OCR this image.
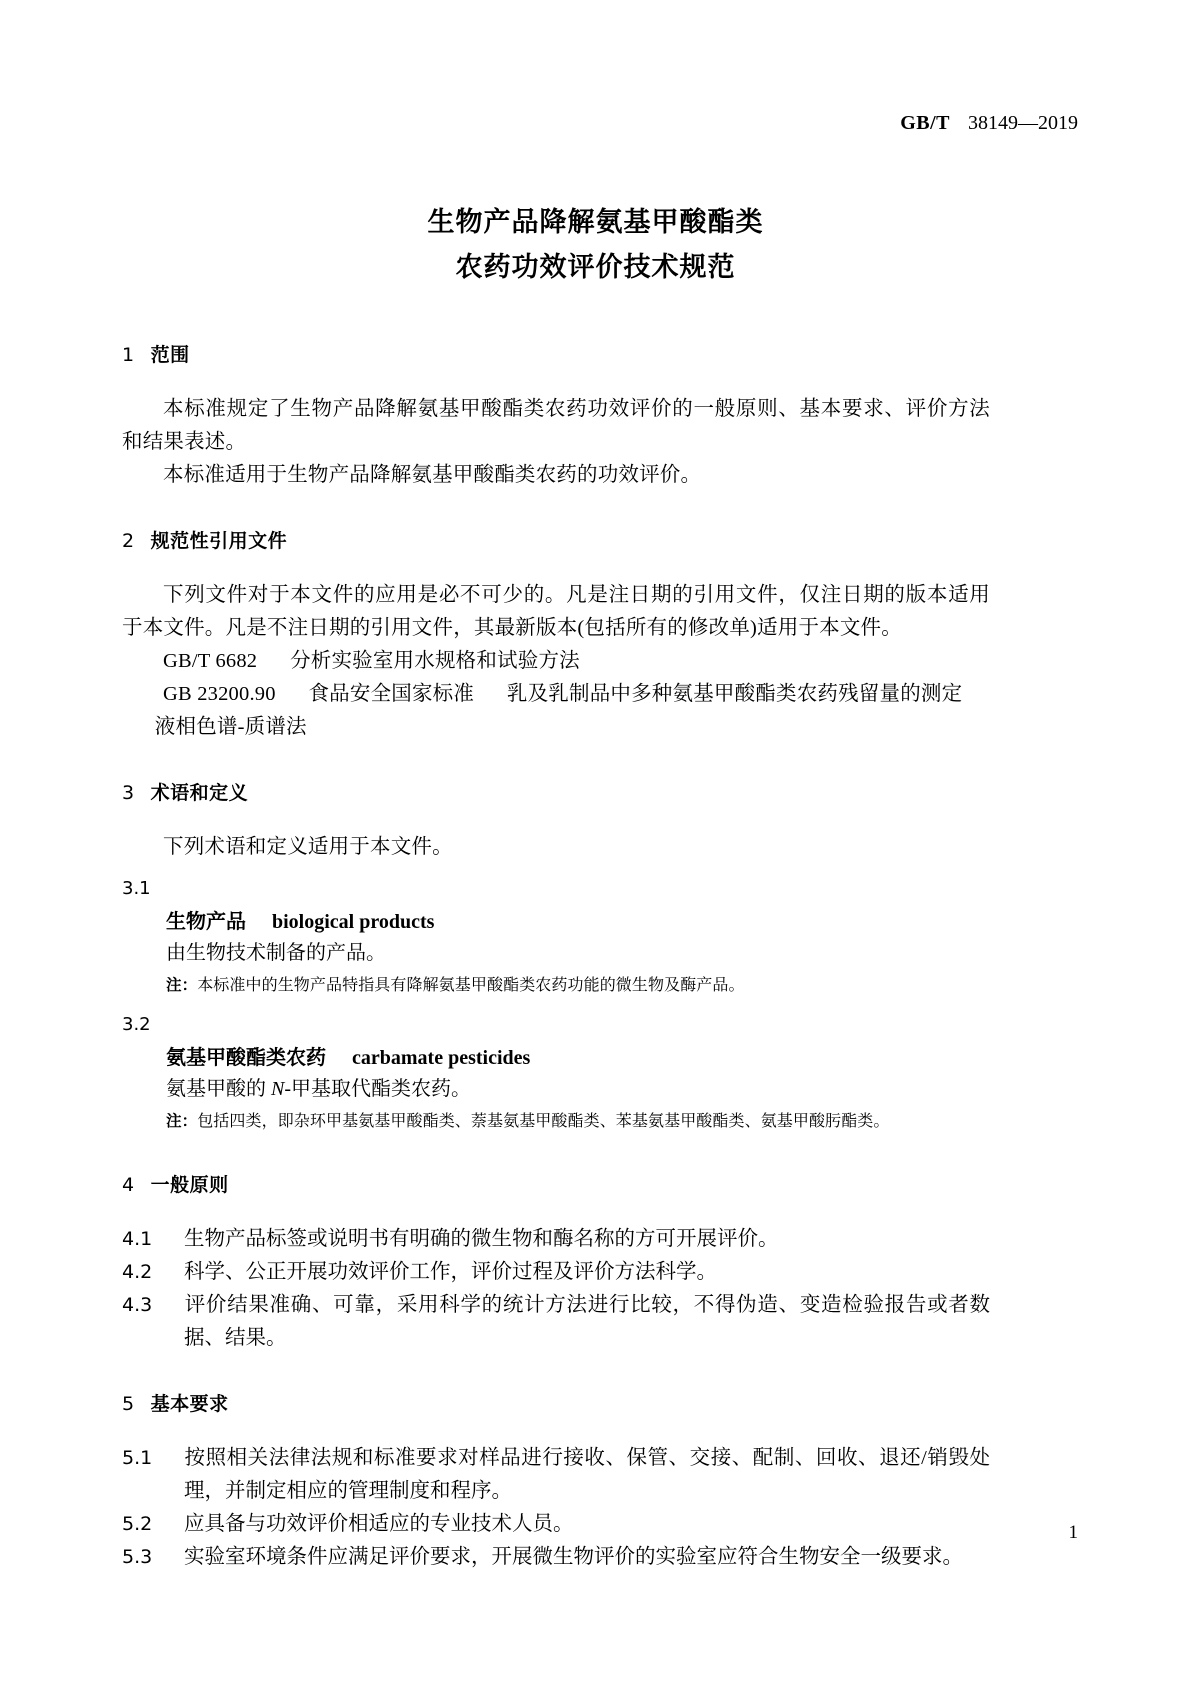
GB/T 38149—2019
生物产品降解氨基甲酸酯类
农药功效评价技术规范
1 范围

本标准规定了生物产品降解氨基甲酸酯类农药功效评价的一般原则、基本要求、评价方法和结果表述。

本标准适用于生物产品降解氨基甲酸酯类农药的功效评价。

2 规范性引用文件

下列文件对于本文件的应用是必不可少的。凡是注日期的引用文件，仅注日期的版本适用于本文件。凡是不注日期的引用文件，其最新版本(包括所有的修改单)适用于本文件。

GB/T 6682 分析实验室用水规格和试验方法

GB 23200.90 食品安全国家标准 乳及乳制品中多种氨基甲酸酯类农药残留量的测定液相色谱-质谱法

3 术语和定义

下列术语和定义适用于本文件。

3.1
生物产品 biological products
由生物技术制备的产品。
注：本标准中的生物产品特指具有降解氨基甲酸酯类农药功能的微生物及酶产品。
3.2
氨基甲酸酯类农药 carbamate pesticides
氨基甲酸的 N-甲基取代酯类农药。
注：包括四类，即杂环甲基氨基甲酸酯类、萘基氨基甲酸酯类、苯基氨基甲酸酯类、氨基甲酸肟酯类。
4 一般原则

4.1 生物产品标签或说明书有明确的微生物和酶名称的方可开展评价。

4.2 科学、公正开展功效评价工作，评价过程及评价方法科学。

4.3 评价结果准确、可靠，采用科学的统计方法进行比较，不得伪造、变造检验报告或者数据、结果。

5 基本要求

5.1 按照相关法律法规和标准要求对样品进行接收、保管、交接、配制、回收、退还/销毁处理，并制定相应的管理制度和程序。

5.2 应具备与功效评价相适应的专业技术人员。

5.3 实验室环境条件应满足评价要求，开展微生物评价的实验室应符合生物安全一级要求。

1
